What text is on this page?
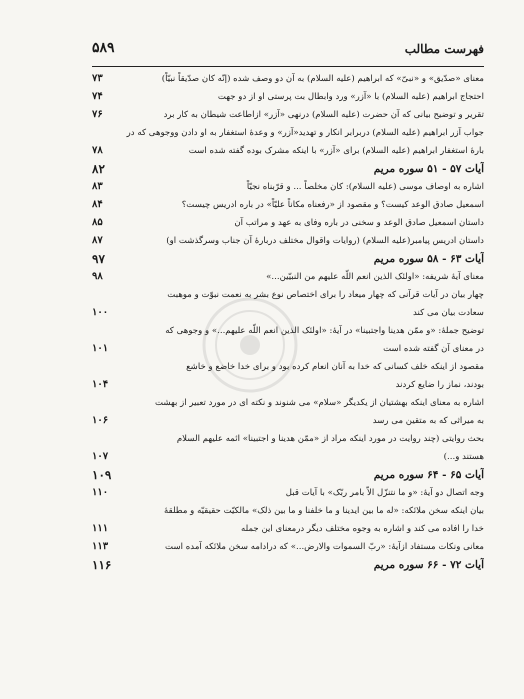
فهرست مطالب
۵۸۹
معنای «صدّیق» و «نبیّ» که ابراهیم (علیه السلام) به آن دو وصف شده (إنّه کان صدّیقاً نبیّاً)
۷۳
احتجاج ابراهیم (علیه السلام) با «آزر» ورد وابطال بت پرستی او از دو جهت
۷۴
تقریر و توضیح بیانی که آن حضرت (علیه السلام) درنهی «آزر» ازاطاعت شیطان به کار برد
۷۶
جواب آزر ابراهیم (علیه السلام) دربرابر انکار و تهدید«آزر» و وعدۀ استغفار به او دادن ووجوهی که در
بارۀ استغفار ابراهیم (علیه السلام) برای «آزر» با اینکه مشرک بوده گفته شده است
۷۸
آیات ۵۷ - ۵۱ سوره مریم
۸۲
اشاره به اوصاف موسی (علیه السلام): کان مخلصاً ... و قرّبناه نجیّاً
۸۳
اسمعیل صادق الوعد کیست؟ و مقصود از «رفعناه مکاناً علیّاً» در باره ادریس چیست؟
۸۴
داستان اسمعیل صادق الوعد و سخنی در باره وفای به عهد و مراتب آن
۸۵
داستان ادریس پیامبر(علیه السلام) (روایات واقوال مختلف دربارۀ آن جناب وسرگذشت او)
۸۷
آیات ۶۳ - ۵۸ سوره مریم
۹۷
معنای آیۀ شریفه: «اولئک الذین انعم اللّه علیهم من النبیّین...»
۹۸
چهار بیان در آیات قرآنی که چهار میعاد را برای اختصاص نوع بشر به نعمت نبوّت و موهبت
سعادت بیان می کند
۱۰۰
توضیح جملۀ: «و ممّن هدینا واجتبینا» در آیۀ: «اولئک الذین انعم اللّه علیهم...» و وجوهی که
در معنای آن گفته شده است
۱۰۱
مقصود از اینکه خلف کسانی که خدا به آنان انعام کرده بود و برای خدا خاضع و خاشع
بودند، نماز را ضایع کردند
۱۰۴
اشاره به معنای اینکه بهشتیان از یکدیگر «سلام» می شنوند و نکته ای در مورد تعبیر از بهشت
به میراثی که به متقین می رسد
۱۰۶
بحث روایتی (چند روایت در مورد اینکه مراد از «ممّن هدینا و اجتبینا» ائمه علیهم السلام
هستند و...)
۱۰۷
آیات ۶۵ - ۶۴ سوره مریم
۱۰۹
وجه اتصال دو آیۀ: «و ما نتنزّل الاّ بامر ربّک» با آیات قبل
۱۱۰
بیان اینکه سخن ملائکه: «له ما بین ایدینا و ما خلفنا و ما بین ذلک» مالکیّت حقیقیّه و مطلقۀ
خدا را افاده می کند و اشاره به وجوه مختلف دیگر درمعنای این جمله
۱۱۱
معانی ونکات مستفاد ازآیۀ: «ربّ السموات والارض...» که درادامه سخن ملائکه آمده است
۱۱۳
آیات ۷۲ - ۶۶ سوره مریم
۱۱۶
